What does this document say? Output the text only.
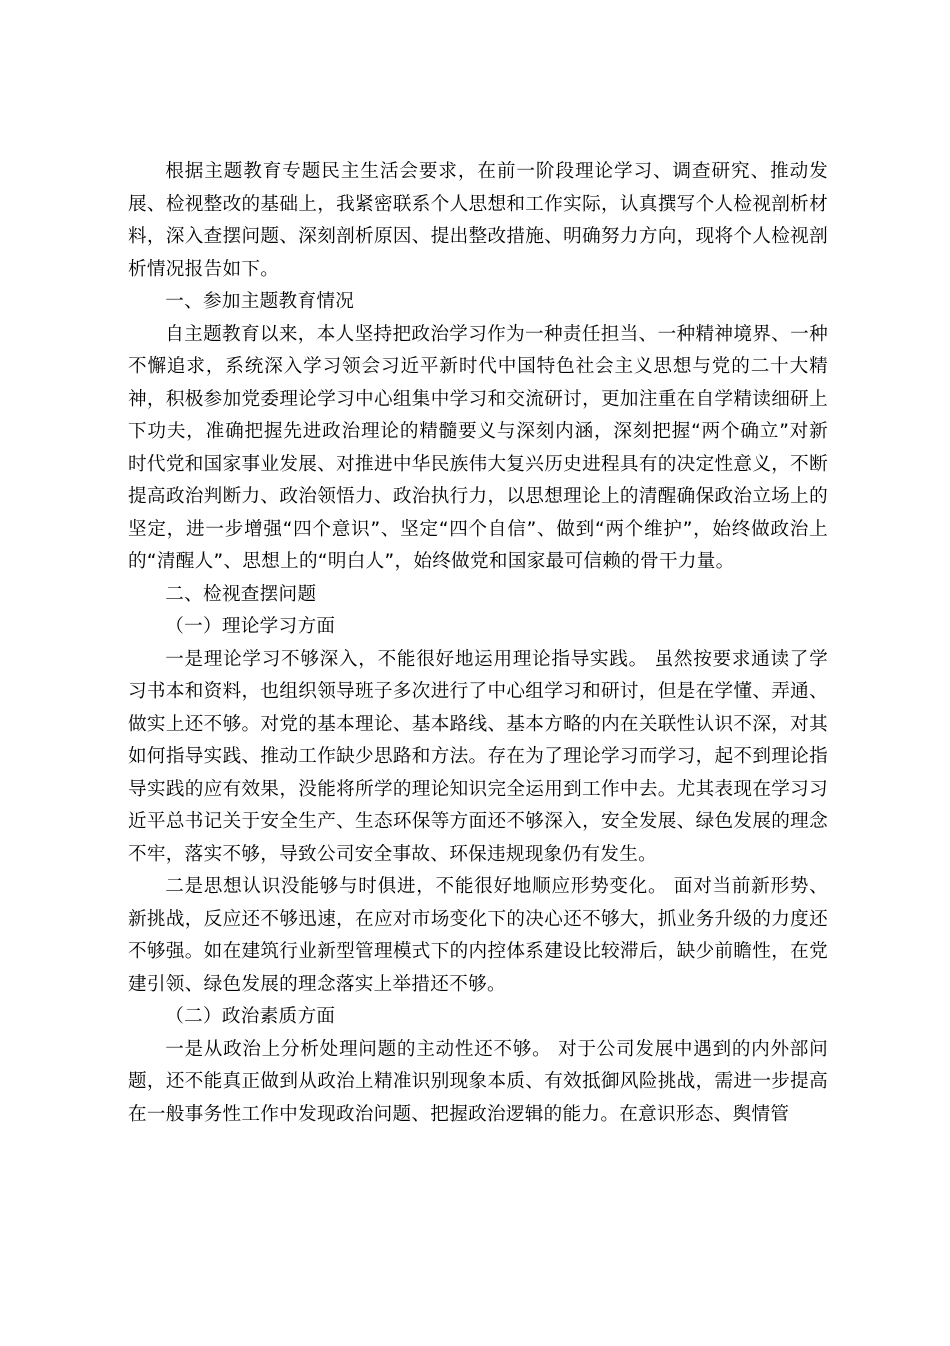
根据主题教育专题民主生活会要求，在前一阶段理论学习、调查研究、推动发展、检视整改的基础上，我紧密联系个人思想和工作实际，认真撰写个人检视剖析材料，深入查摆问题、深刻剖析原因、提出整改措施、明确努力方向，现将个人检视剖析情况报告如下。

一、参加主题教育情况

自主题教育以来，本人坚持把政治学习作为一种责任担当、一种精神境界、一种不懈追求，系统深入学习领会习近平新时代中国特色社会主义思想与党的二十大精神，积极参加党委理论学习中心组集中学习和交流研讨，更加注重在自学精读细研上下功夫，准确把握先进政治理论的精髓要义与深刻内涵，深刻把握“两个确立”对新时代党和国家事业发展、对推进中华民族伟大复兴历史进程具有的决定性意义，不断提高政治判断力、政治领悟力、政治执行力，以思想理论上的清醒确保政治立场上的坚定，进一步增强“四个意识”、坚定“四个自信”、做到“两个维护”，始终做政治上的“清醒人”、思想上的“明白人”，始终做党和国家最可信赖的骨干力量。

二、检视查摆问题

（一）理论学习方面

一是理论学习不够深入，不能很好地运用理论指导实践。 虽然按要求通读了学习书本和资料，也组织领导班子多次进行了中心组学习和研讨，但是在学懂、弄通、做实上还不够。对党的基本理论、基本路线、基本方略的内在关联性认识不深，对其如何指导实践、推动工作缺少思路和方法。存在为了理论学习而学习，起不到理论指导实践的应有效果，没能将所学的理论知识完全运用到工作中去。尤其表现在学习习近平总书记关于安全生产、生态环保等方面还不够深入，安全发展、绿色发展的理念不牢，落实不够，导致公司安全事故、环保违规现象仍有发生。

二是思想认识没能够与时俱进，不能很好地顺应形势变化。 面对当前新形势、新挑战，反应还不够迅速，在应对市场变化下的决心还不够大，抓业务升级的力度还不够强。如在建筑行业新型管理模式下的内控体系建设比较滞后，缺少前瞻性，在党建引领、绿色发展的理念落实上举措还不够。

（二）政治素质方面

一是从政治上分析处理问题的主动性还不够。 对于公司发展中遇到的内外部问题，还不能真正做到从政治上精准识别现象本质、有效抵御风险挑战，需进一步提高在一般事务性工作中发现政治问题、把握政治逻辑的能力。在意识形态、舆情管
